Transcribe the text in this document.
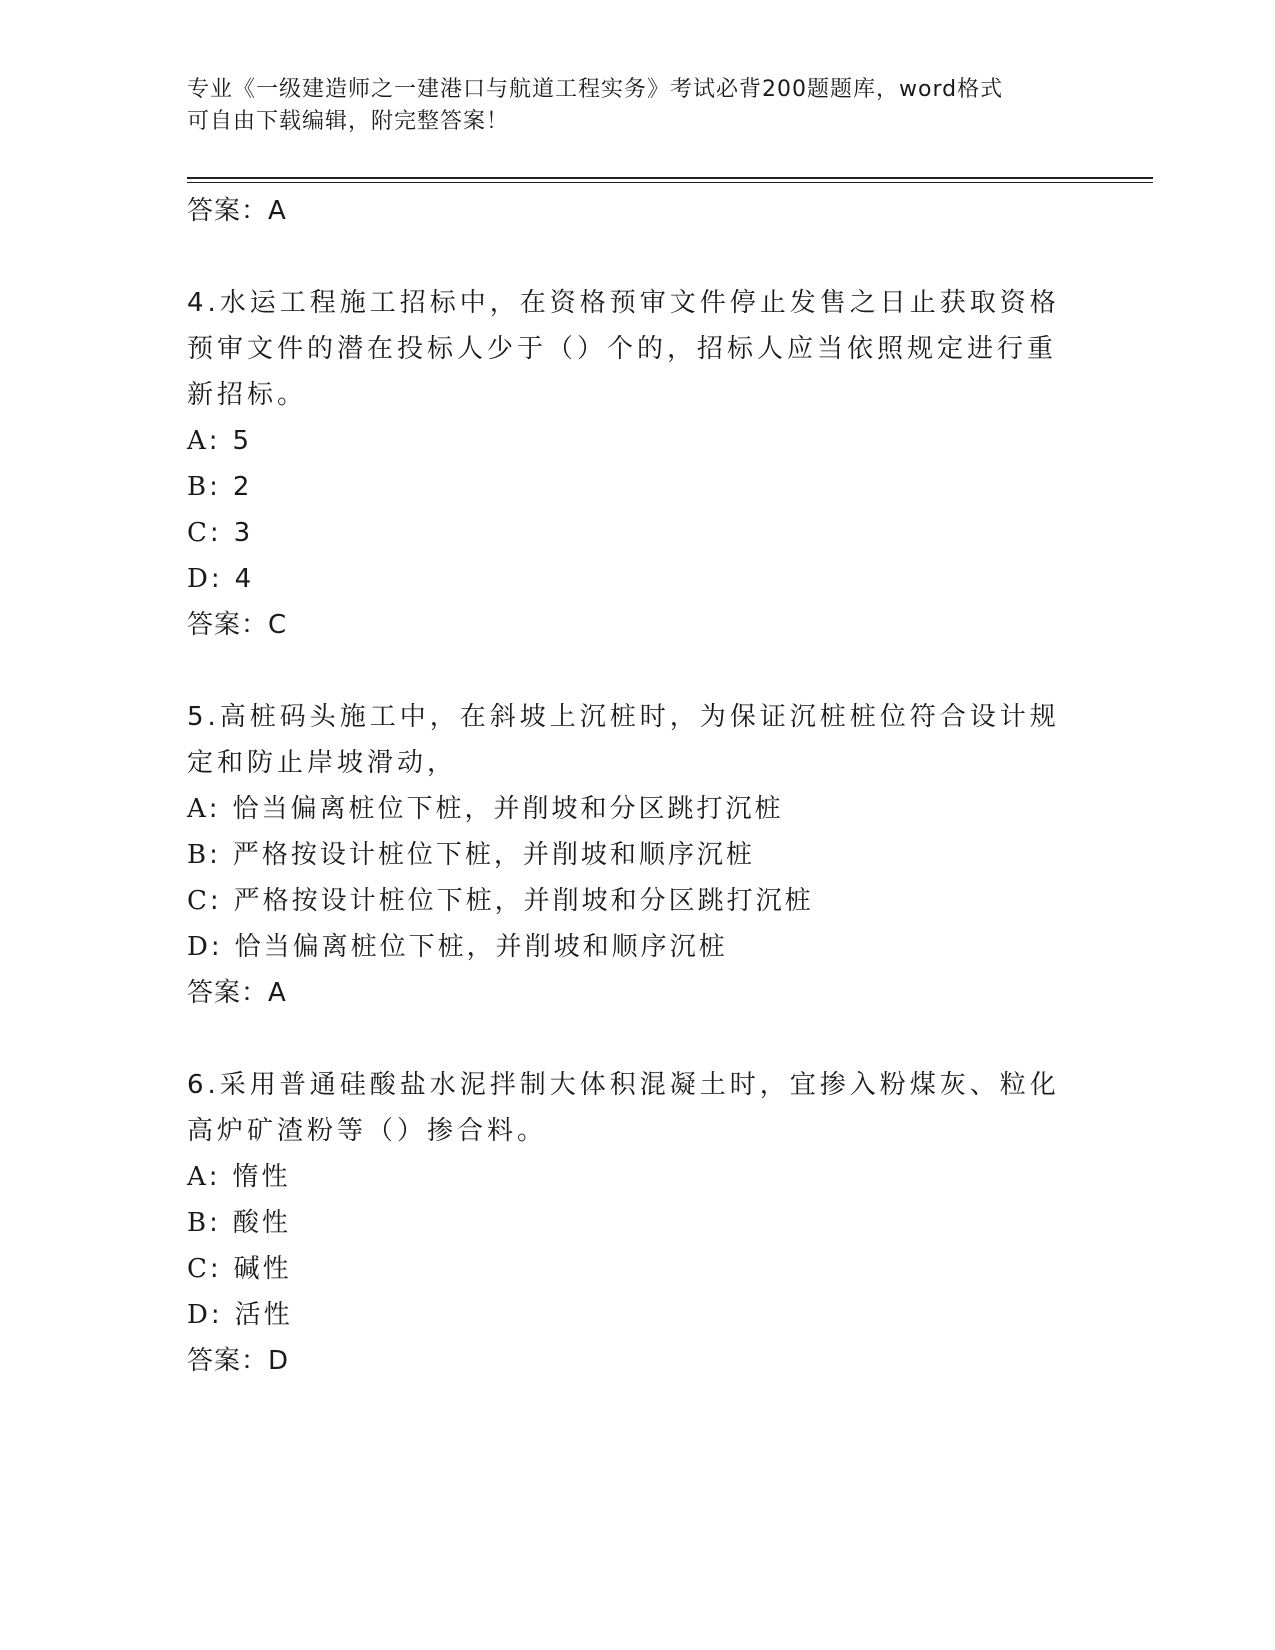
专业《一级建造师之一建港口与航道工程实务》考试必背200题题库，word格式
可自由下载编辑，附完整答案！
答案：A
4.水运工程施工招标中，在资格预审文件停止发售之日止获取资格预审文件的潜在投标人少于（）个的，招标人应当依照规定进行重新招标。
A: 5
B: 2
C: 3
D: 4
答案：C
5.高桩码头施工中，在斜坡上沉桩时，为保证沉桩桩位符合设计规定和防止岸坡滑动，
A: 恰当偏离桩位下桩，并削坡和分区跳打沉桩
B: 严格按设计桩位下桩，并削坡和顺序沉桩
C: 严格按设计桩位下桩，并削坡和分区跳打沉桩
D: 恰当偏离桩位下桩，并削坡和顺序沉桩
答案：A
6.采用普通硅酸盐水泥拌制大体积混凝土时，宜掺入粉煤灰、粒化高炉矿渣粉等（）掺合料。
A: 惰性
B: 酸性
C: 碱性
D: 活性
答案：D
